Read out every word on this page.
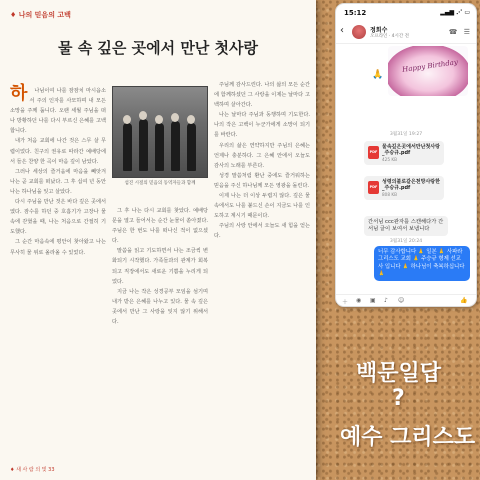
♦ 나의 믿음의 고백
물 속 깊은 곳에서 만난 첫사랑

하 나님이여 나를 잠잠치 마시옵소서 주의 인자를 사모하며 내 모든 소망을 주께 둡니다. 오랜 세월 주님을 떠나 방황하던 나를 다시 부르신 은혜를 고백합니다.

내가 처음 교회에 나간 것은 스무 살 무렵이었다. 친구의 권유로 따라간 예배당에서 들은 찬양 한 곡이 마음 깊이 남았다.

그러나 세상의 즐거움에 마음을 빼앗겨 나는 곧 교회를 떠났다. 그 후 십여 년 동안 나는 하나님을 잊고 살았다.

다시 주님을 만난 것은 바다 깊은 곳에서였다. 잠수를 하던 중 호흡기가 고장나 물 속에 갇혔을 때, 나는 처음으로 간절히 기도했다.

그 순간 마음속에 평안이 찾아왔고 나는 무사히 물 위로 올라올 수 있었다.

섬진 시절의 믿음의 동역자들과 함께

그 후 나는 다시 교회를 찾았다. 예배당 문을 열고 들어서는 순간 눈물이 쏟아졌다. 주님은 한 번도 나를 떠나신 적이 없으셨다.

말씀을 읽고 기도하면서 나는 조금씩 변화되기 시작했다. 가족들과의 관계가 회복되고 직장에서도 새로운 기쁨을 누리게 되었다.

지금 나는 작은 성경공부 모임을 섬기며 내가 받은 은혜를 나누고 있다. 물 속 깊은 곳에서 만난 그 사랑을 잊지 않기 위해서다.

주님께 감사드린다. 나의 삶의 모든 순간에 함께하셨던 그 사랑을 이제는 날마다 고백하며 살아간다.

나는 날마다 주님과 동행하며 기도한다. 나의 작은 고백이 누군가에게 소망이 되기를 바란다.

우리의 삶은 연약하지만 주님의 은혜는 언제나 충분하다. 그 은혜 안에서 오늘도 감사의 노래를 부른다.

성경 말씀처럼 환난 중에도 즐거워하는 믿음을 주신 하나님께 모든 영광을 돌린다.

이제 나는 더 이상 두렵지 않다. 깊은 물 속에서도 나를 붙드신 손이 지금도 나를 인도하고 계시기 때문이다.

주님의 사랑 안에서 오늘도 새 힘을 얻는다.

♦ 새 사 람 의 빛 33
15:12	▂▄▆ ⋰ ▭
‹	정회수
오프라인 · 4시간 전
☎ ☰
Happy Birthday
🙏
3월31일 19:27
PDF
물속깊은곳에서만난첫사랑_주승규.pdf
425 KB
PDF
성령의불로같은천망사랑한_주승규.pdf
808 KB
간서님 ccc관자를 스캔해다가 간서님 글이 보여서 보냅니다
3월31일 20:24
너무 감사합니다 🙏 일본 🙏 사파라 그리스도 교회 🙏 주승규 형제 선교사 입니다 🙏 하나님이 축복하십니다 🙏
＋ ◉ ▣ ♪ ☺	👍
백문일답
?
예수 그리스도
